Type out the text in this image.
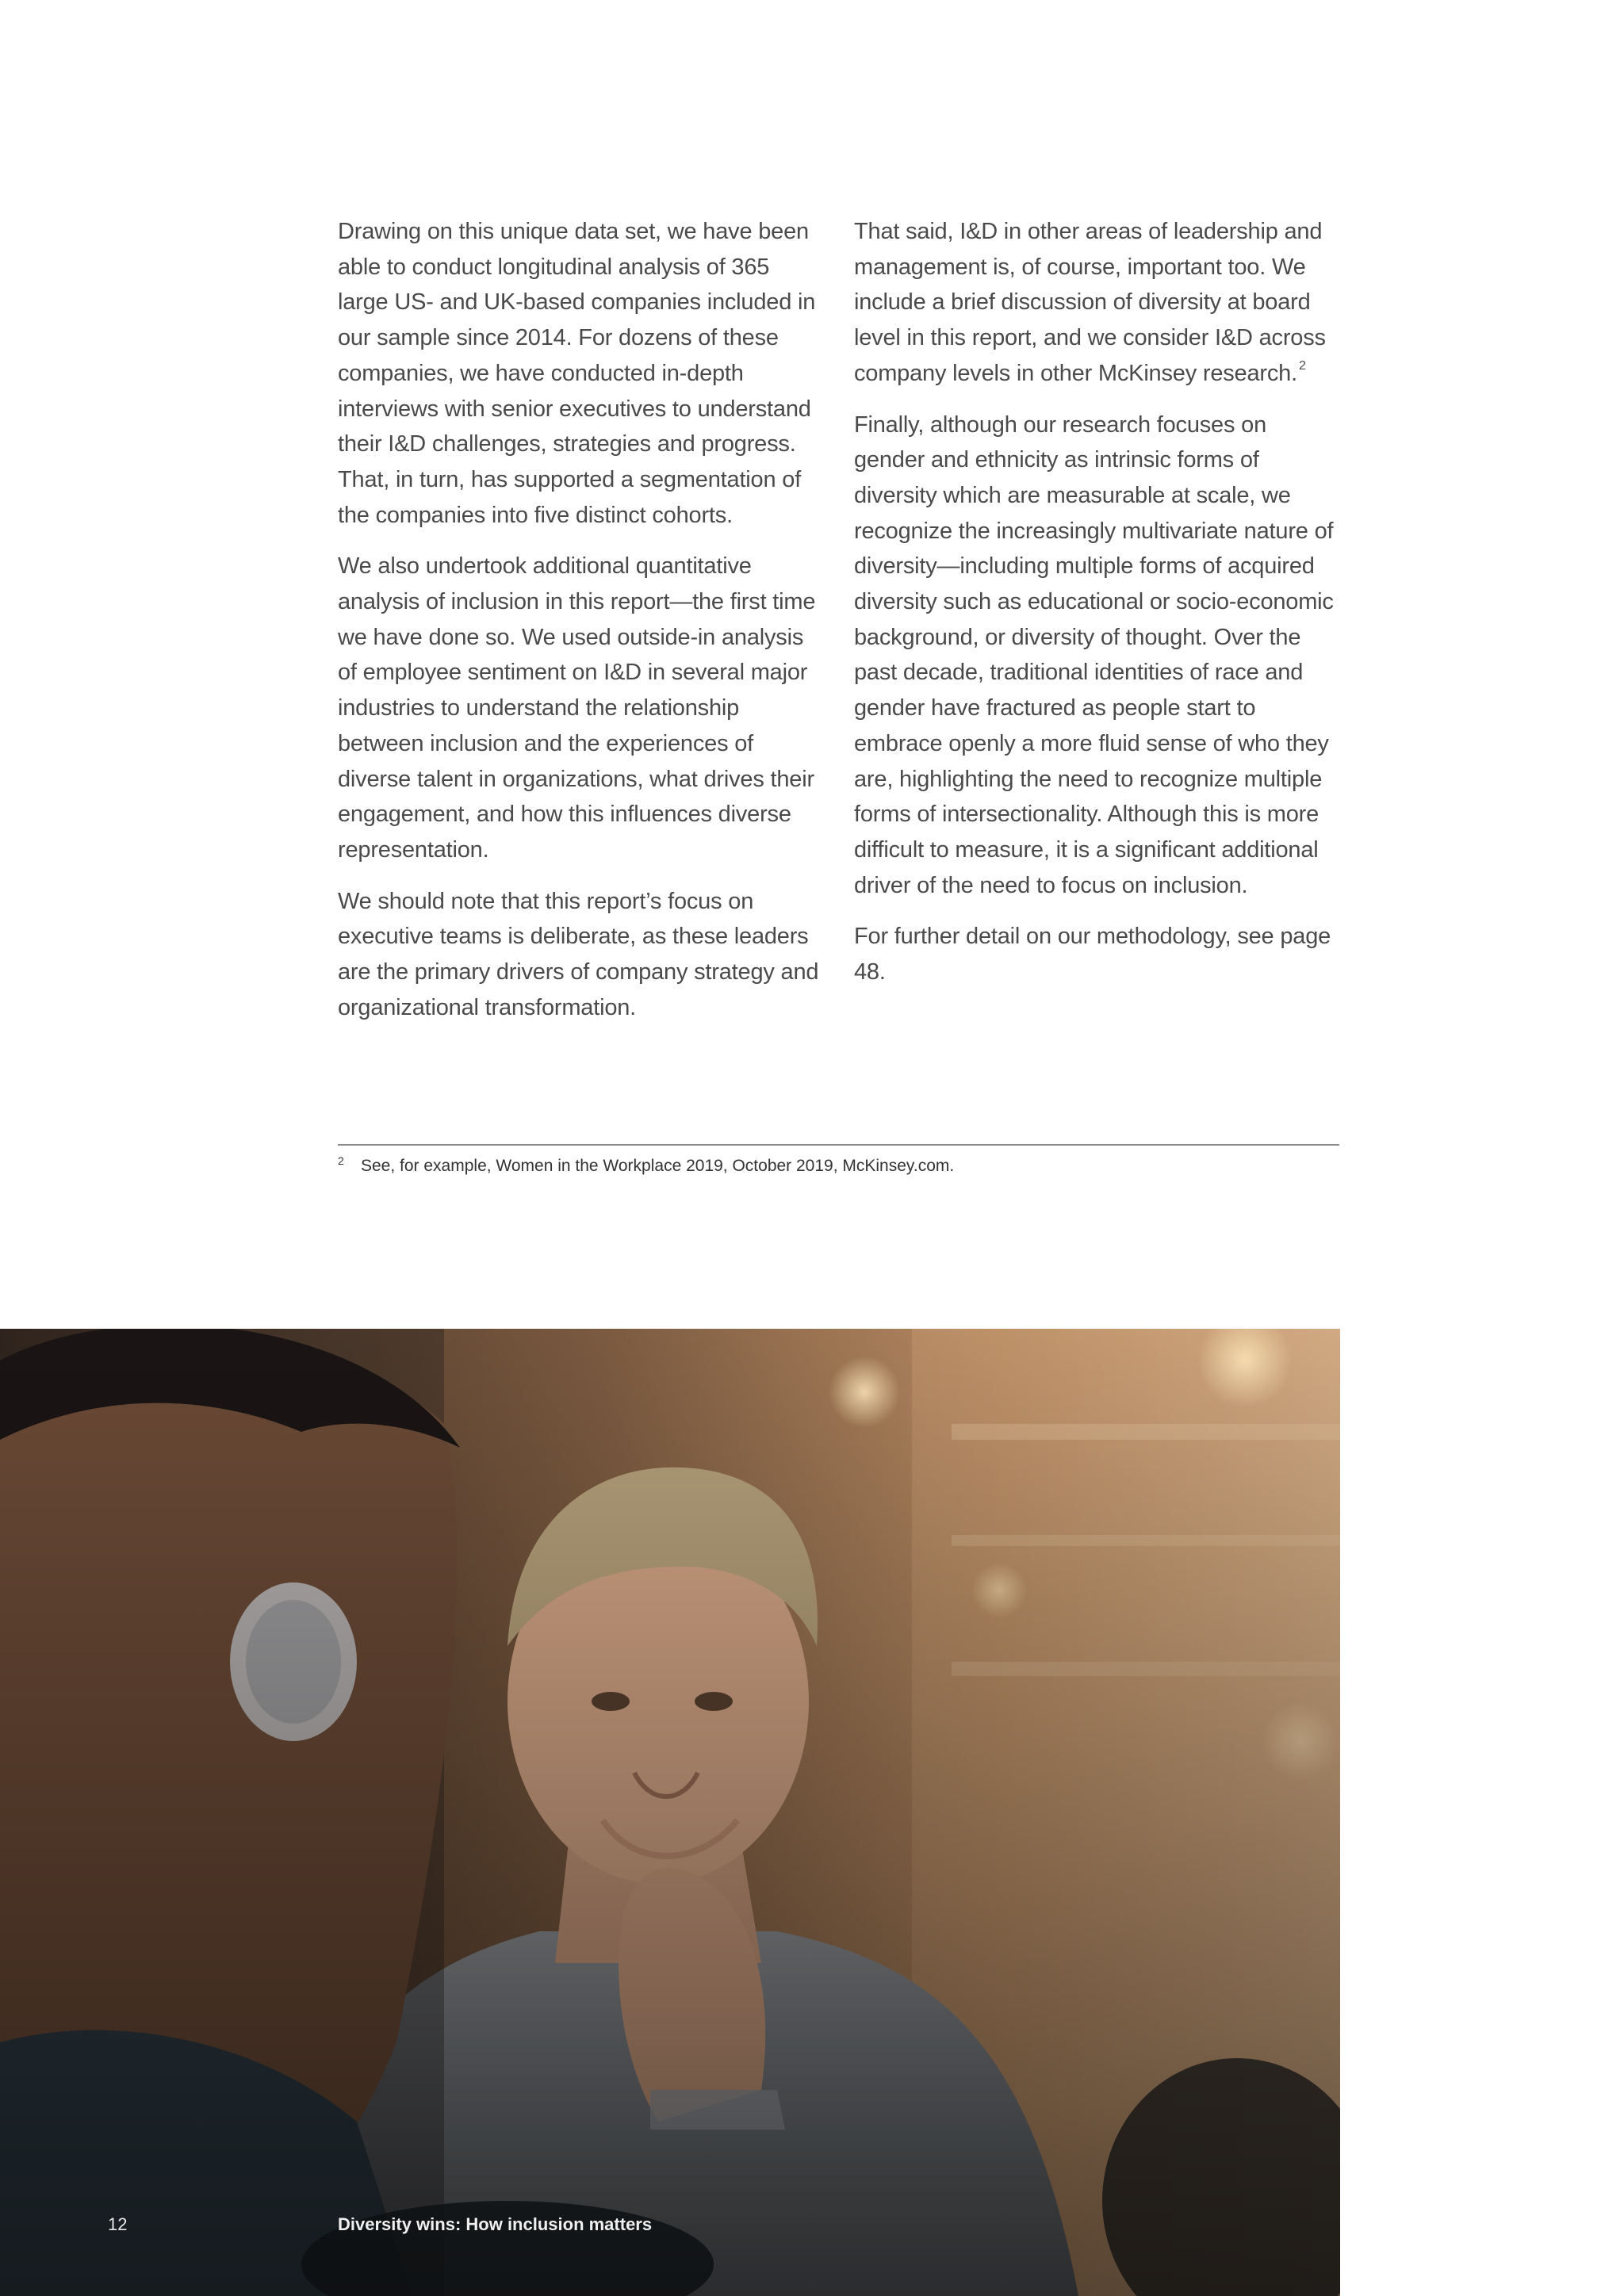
Drawing on this unique data set, we have been able to conduct longitudinal analysis of 365 large US- and UK-based companies included in our sample since 2014. For dozens of these companies, we have conducted in-depth interviews with senior executives to understand their I&D challenges, strategies and progress. That, in turn, has supported a segmentation of the companies into five distinct cohorts.

We also undertook additional quantitative analysis of inclusion in this report—the first time we have done so. We used outside-in analysis of employee sentiment on I&D in several major industries to understand the relationship between inclusion and the experiences of diverse talent in organizations, what drives their engagement, and how this influences diverse representation.

We should note that this report’s focus on executive teams is deliberate, as these leaders are the primary drivers of company strategy and organizational transformation.

That said, I&D in other areas of leadership and management is, of course, important too. We include a brief discussion of diversity at board level in this report, and we consider I&D across company levels in other McKinsey research. $^2$

Finally, although our research focuses on gender and ethnicity as intrinsic forms of diversity which are measurable at scale, we recognize the increasingly multivariate nature of diversity—including multiple forms of acquired diversity such as educational or socio-economic background, or diversity of thought. Over the past decade, traditional identities of race and gender have fractured as people start to embrace openly a more fluid sense of who they are, highlighting the need to recognize multiple forms of intersectionality. Although this is more difficult to measure, it is a significant additional driver of the need to focus on inclusion.

For further detail on our methodology, see page 48.

2 See, for example, Women in the Workplace 2019, October 2019, McKinsey.com.
12	Diversity wins: How inclusion matters
